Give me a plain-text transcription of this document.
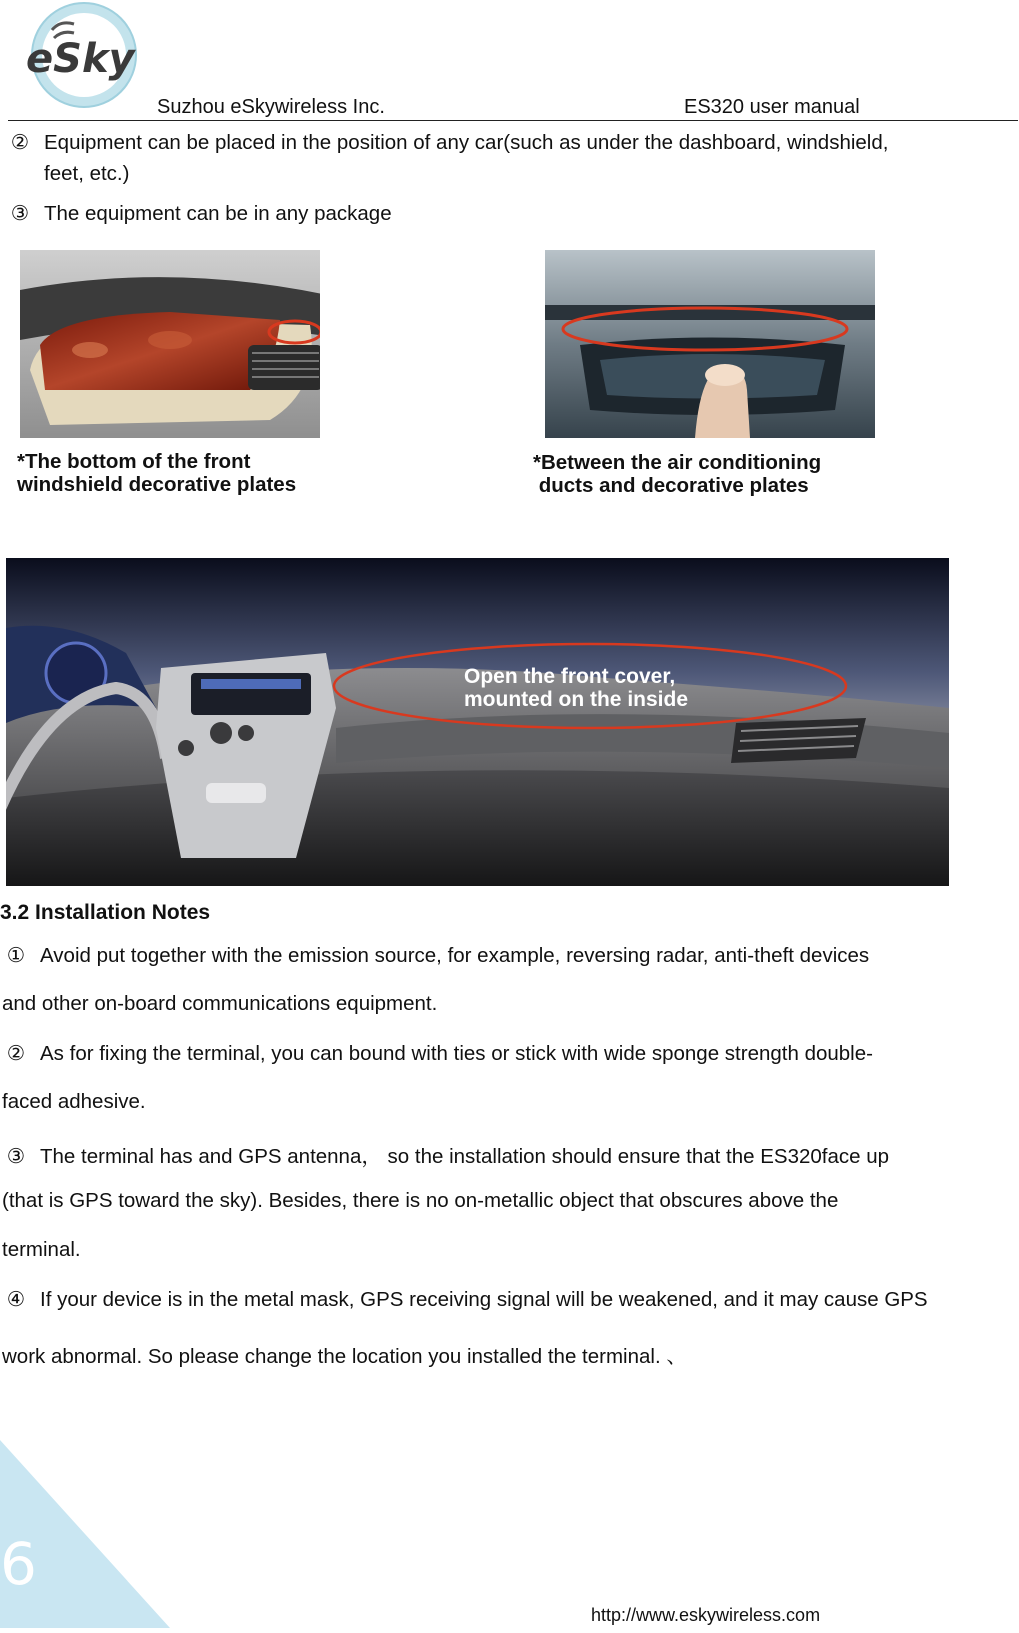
eSky
Suzhou eSkywireless Inc.	ES320 user manual
② Equipment can be placed in the position of any car(such as under the dashboard, windshield,
feet, etc.)
③ The equipment can be in any package
*The bottom of the front
windshield decorative plates
*Between the air conditioning
ducts and decorative plates
Open the front cover,
mounted on the inside
3.2 Installation Notes
① Avoid put together with the emission source, for example, reversing radar, anti-theft devices
and other on-board communications equipment.
② As for fixing the terminal, you can bound with ties or stick with wide sponge strength double-
faced adhesive.
③ The terminal has and GPS antenna， so the installation should ensure that the ES320face up
(that is GPS toward the sky). Besides, there is no on-metallic object that obscures above the
terminal.
④ If your device is in the metal mask, GPS receiving signal will be weakened, and it may cause GPS
work abnormal. So please change the location you installed the terminal. 、
6
http://www.eskywireless.com
